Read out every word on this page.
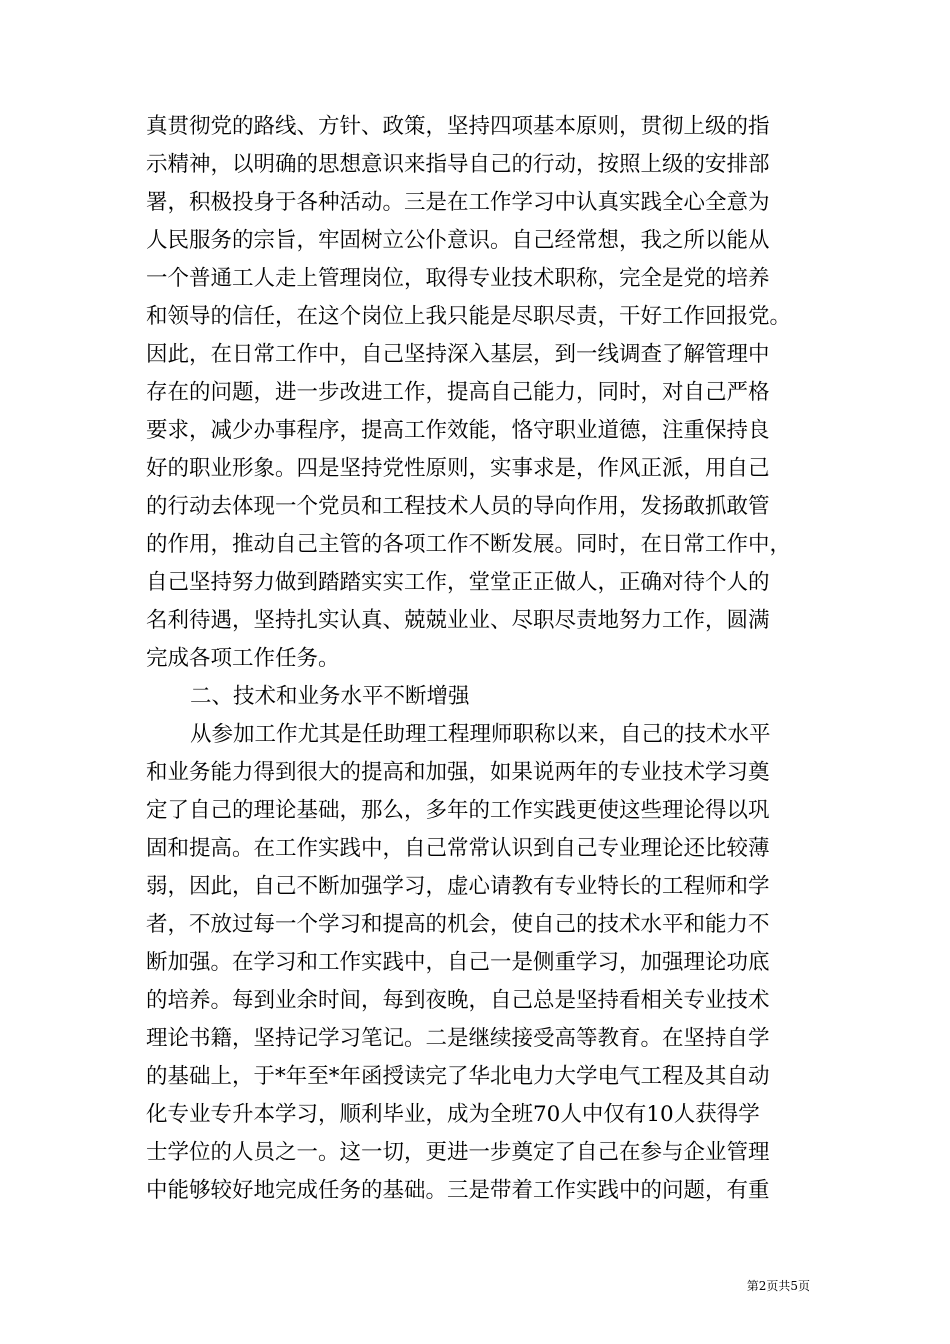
真贯彻党的路线、方针、政策，坚持四项基本原则，贯彻上级的指
示精神，以明确的思想意识来指导自己的行动，按照上级的安排部
署，积极投身于各种活动。三是在工作学习中认真实践全心全意为
人民服务的宗旨，牢固树立公仆意识。自己经常想，我之所以能从
一个普通工人走上管理岗位，取得专业技术职称，完全是党的培养
和领导的信任，在这个岗位上我只能是尽职尽责，干好工作回报党。
因此，在日常工作中，自己坚持深入基层，到一线调查了解管理中
存在的问题，进一步改进工作，提高自己能力，同时，对自己严格
要求，减少办事程序，提高工作效能，恪守职业道德，注重保持良
好的职业形象。四是坚持党性原则，实事求是，作风正派，用自己
的行动去体现一个党员和工程技术人员的导向作用，发扬敢抓敢管
的作用，推动自己主管的各项工作不断发展。同时，在日常工作中，
自己坚持努力做到踏踏实实工作，堂堂正正做人，正确对待个人的
名利待遇，坚持扎实认真、兢兢业业、尽职尽责地努力工作，圆满
完成各项工作任务。
二、技术和业务水平不断增强
从参加工作尤其是任助理工程理师职称以来，自己的技术水平
和业务能力得到很大的提高和加强，如果说两年的专业技术学习奠
定了自己的理论基础，那么，多年的工作实践更使这些理论得以巩
固和提高。在工作实践中，自己常常认识到自己专业理论还比较薄
弱，因此，自己不断加强学习，虚心请教有专业特长的工程师和学
者，不放过每一个学习和提高的机会，使自己的技术水平和能力不
断加强。在学习和工作实践中，自己一是侧重学习，加强理论功底
的培养。每到业余时间，每到夜晚，自己总是坚持看相关专业技术
理论书籍，坚持记学习笔记。二是继续接受高等教育。在坚持自学
的基础上，于*年至*年函授读完了华北电力大学电气工程及其自动
化专业专升本学习，顺利毕业，成为全班70人中仅有10人获得学
士学位的人员之一。这一切，更进一步奠定了自己在参与企业管理
中能够较好地完成任务的基础。三是带着工作实践中的问题，有重
第2页共5页
